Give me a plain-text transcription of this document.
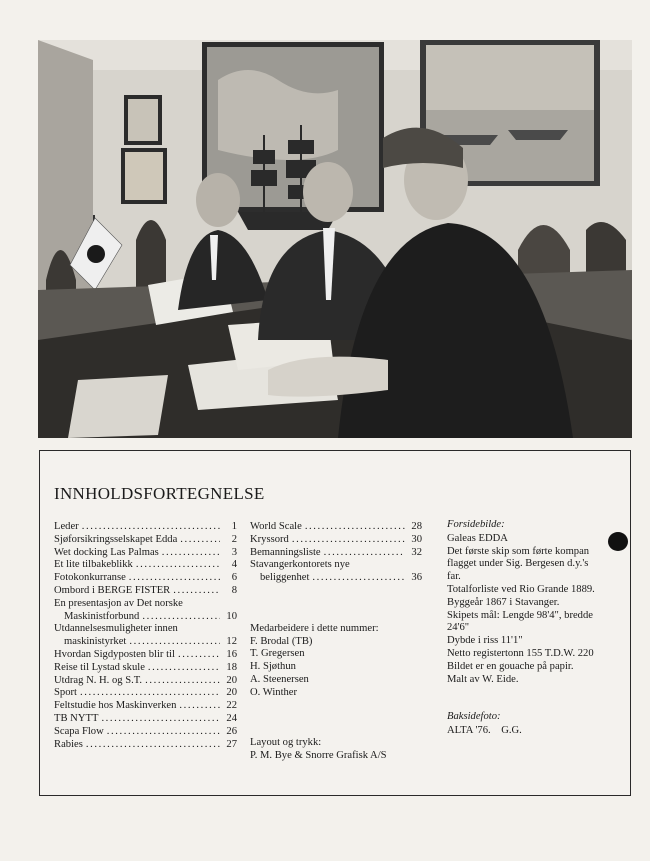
INNHOLDSFORTEGNELSE
Leder .....	1
Sjøforsikringsselskapet Edda .....	2
Wet docking Las Palmas .....	3
Et lite tilbakeblikk .....	4
Fotokonkurranse .....	6
Ombord i BERGE FISTER .....	8
En presentasjon av Det norske
Maskinistforbund .....	10
Utdannelsesmuligheter innen
maskinistyrket .....	12
Hvordan Sigdyposten blir til .....	16
Reise til Lystad skule .....	18
Utdrag N. H. og S.T. .....	20
Sport .....	20
Feltstudie hos Maskinverken .....	22
TB NYTT .....	24
Scapa Flow .....	26
Rabies .....	27
World Scale .....	28
Kryssord .....	30
Bemanningsliste .....	32
Stavangerkontorets nye
beliggenhet .....	36
Medarbeidere i dette nummer:
F. Brodal (TB)
T. Gregersen
H. Sjøthun
A. Steenersen
O. Winther
Layout og trykk:
P. M. Bye & Snorre Grafisk A/S
Forsidebilde:
Galeas EDDA
Det første skip som førte kompan
flagget under Sig. Bergesen d.y.'s
far.
Totalforliste ved Rio Grande 1889.
Byggeår 1867 i Stavanger.
Skipets mål: Lengde 98'4", bredde
24'6"
Dybde i riss 11'1"
Netto registertonn 155 T.D.W. 220
Bildet er en gouache på papir.
Malt av W. Eide.
Baksidefoto:
ALTA '76. G.G.
